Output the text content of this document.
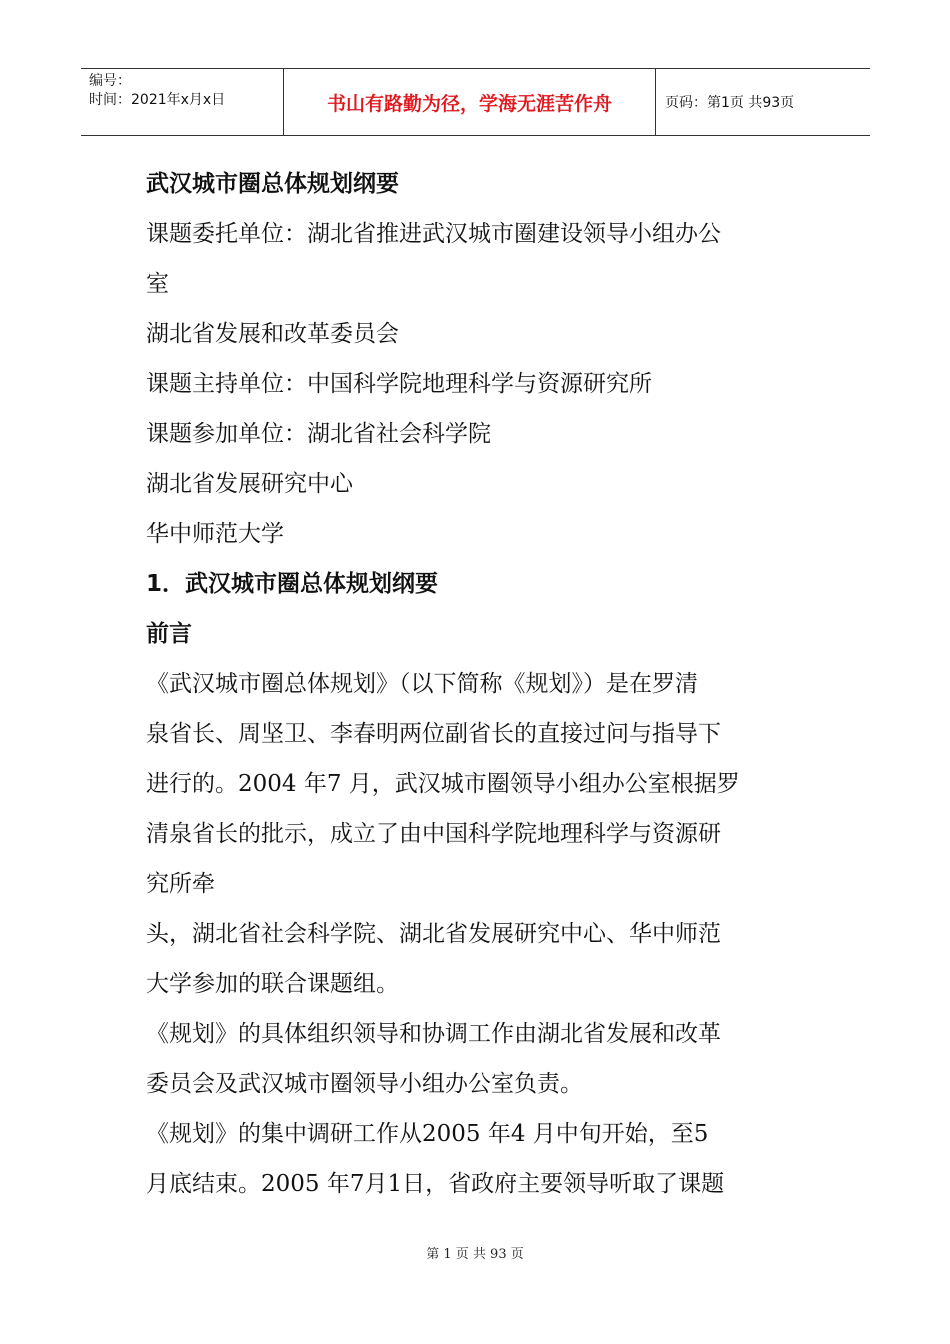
编号：
时间：2021年x月x日	书山有路勤为径，学海无涯苦作舟	页码：第1页 共93页
武汉城市圈总体规划纲要
课题委托单位：湖北省推进武汉城市圈建设领导小组办公
室
湖北省发展和改革委员会
课题主持单位：中国科学院地理科学与资源研究所
课题参加单位：湖北省社会科学院
湖北省发展研究中心
华中师范大学
1．武汉城市圈总体规划纲要
前言
《武汉城市圈总体规划》（以下简称《规划》）是在罗清
泉省长、周坚卫、李春明两位副省长的直接过问与指导下
进行的。2004 年7 月，武汉城市圈领导小组办公室根据罗
清泉省长的批示，成立了由中国科学院地理科学与资源研
究所牵
头，湖北省社会科学院、湖北省发展研究中心、华中师范
大学参加的联合课题组。
《规划》的具体组织领导和协调工作由湖北省发展和改革
委员会及武汉城市圈领导小组办公室负责。
《规划》的集中调研工作从2005 年4 月中旬开始，至5
月底结束。2005 年7月1日，省政府主要领导听取了课题
第 1 页 共 93 页
